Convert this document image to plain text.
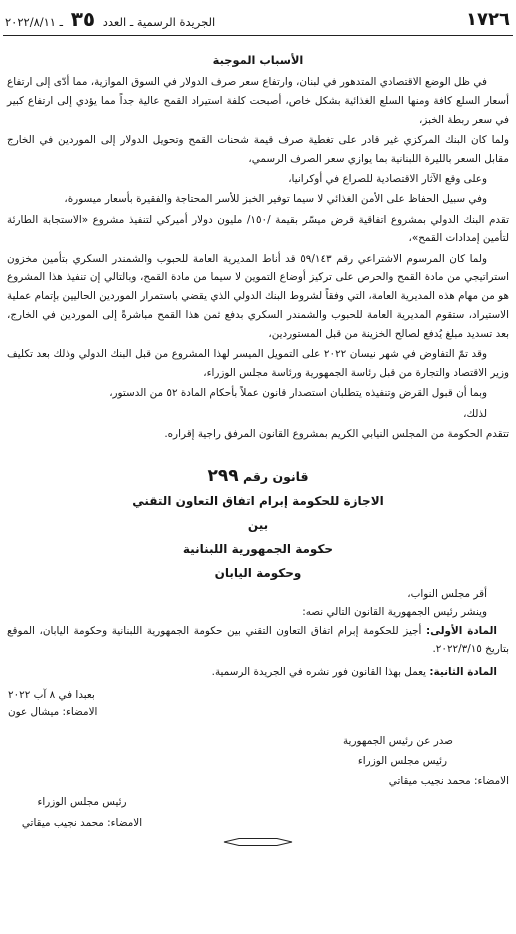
١٧٢٦
الجريدة الرسمية ـ العدد ٣٥ ـ ٢٠٢٢/٨/١١
الأسباب الموجبة

في ظل الوضع الاقتصادي المتدهور في لبنان، وارتفاع سعر صرف الدولار في السوق الموازية، مما أدّى إلى ارتفاع أسعار السلع كافة ومنها السلع الغذائية بشكل خاص، أصبحت كلفة استيراد القمح عالية جداً مما يؤدي إلى ارتفاع كبير في سعر ربطة الخبز،

ولما كان البنك المركزي غير قادر على تغطية صرف قيمة شحنات القمح وتحويل الدولار إلى الموردين في الخارج مقابل السعر بالليرة اللبنانية بما يوازي سعر الصرف الرسمي،

وعلى وقع الآثار الاقتصادية للصراع في أوكرانيا،

وفي سبيل الحفاظ على الأمن الغذائي لا سيما توفير الخبز للأسر المحتاجة والفقيرة بأسعار ميسورة،

تقدم البنك الدولي بمشروع اتفاقية قرض ميسّر بقيمة /١٥٠/ مليون دولار أميركي لتنفيذ مشروع «الاستجابة الطارئة لتأمين إمدادات القمح»،

ولما كان المرسوم الاشتراعي رقم ٥٩/١٤٣ قد أناط المديرية العامة للحبوب والشمندر السكري بتأمين مخزون استراتيجي من مادة القمح والحرص على تركيز أوضاع التموين لا سيما من مادة القمح، وبالتالي إن تنفيذ هذا المشروع هو من مهام هذه المديرية العامة، التي وفقاً لشروط البنك الدولي الذي يقضي باستمرار الموردين الحاليين بإتمام عملية الاستيراد، ستقوم المديرية العامة للحبوب والشمندر السكري بدفع ثمن هذا القمح مباشرةً إلى الموردين في الخارج، بعد تسديد مبلغ يُدفع لصالح الخزينة من قبل المستوردين،

وقد تمّ التفاوض في شهر نيسان ٢٠٢٢ على التمويل الميسر لهذا المشروع من قبل البنك الدولي وذلك بعد تكليف وزير الاقتصاد والتجارة من قبل رئاسة الجمهورية ورئاسة مجلس الوزراء،

وبما أن قبول القرض وتنفيذه يتطلبان استصدار قانون عملاً بأحكام المادة ٥٢ من الدستور،

لذلك،

تتقدم الحكومة من المجلس النيابي الكريم بمشروع القانون المرفق راجية إقراره.

قانون رقم ٢٩٩
الاجازة للحكومة إبرام اتفاق التعاون التقني
بين
حكومة الجمهورية اللبنانية
وحكومة اليابان

أقر مجلس النواب،

وينشر رئيس الجمهورية القانون التالي نصه:

المادة الأولى: أجيز للحكومة إبرام اتفاق التعاون التقني بين حكومة الجمهورية اللبنانية وحكومة اليابان، الموقع بتاريخ ٢٠٢٢/٣/١٥.

المادة الثانية: يعمل بهذا القانون فور نشره في الجريدة الرسمية.

بعبدا في ٨ آب ٢٠٢٢
الامضاء: ميشال عون
صدر عن رئيس الجمهورية
رئيس مجلس الوزراء
الامضاء: محمد نجيب ميقاتي
رئيس مجلس الوزراء
الامضاء: محمد نجيب ميقاتي
